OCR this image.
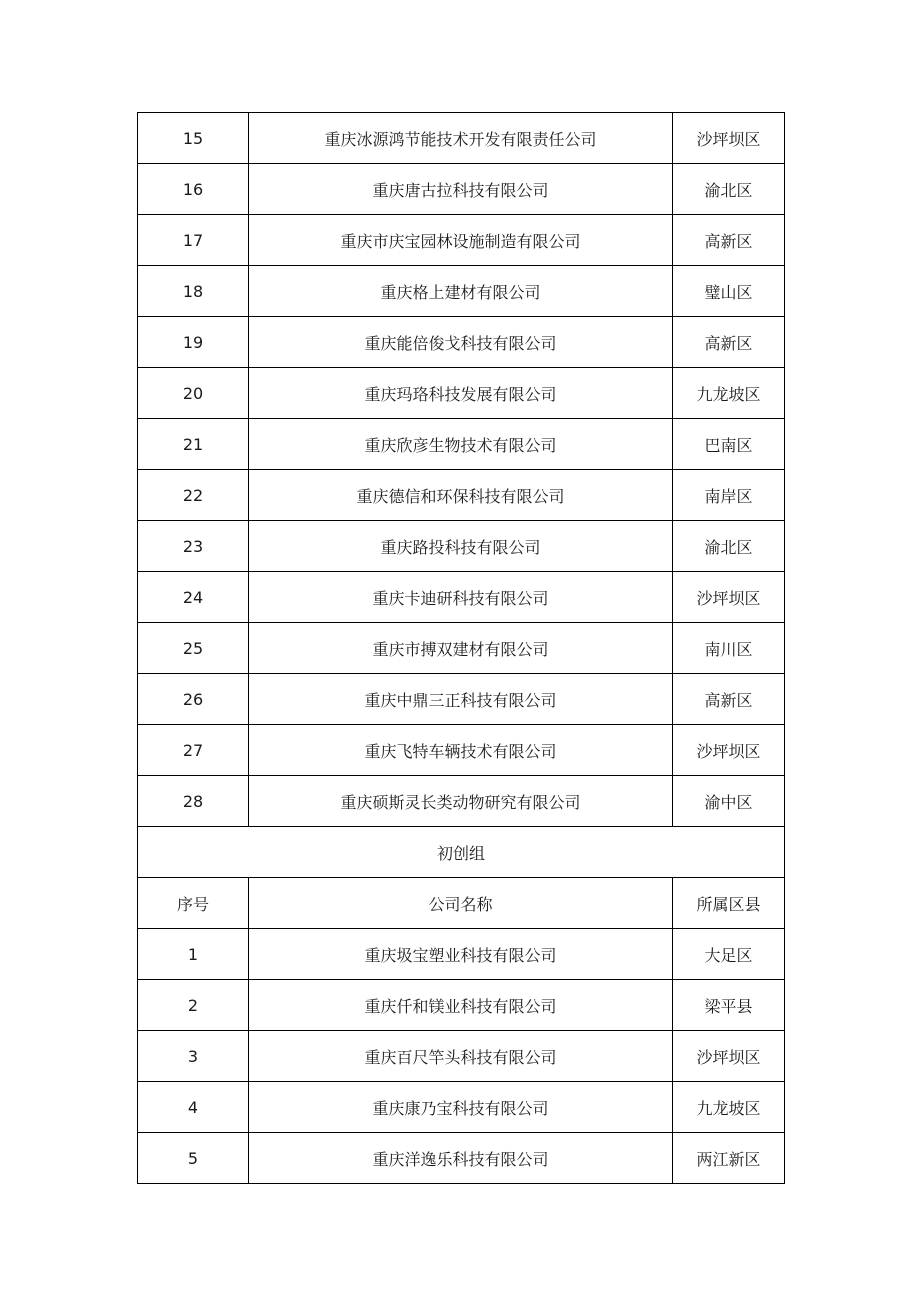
15	重庆冰源鸿节能技术开发有限责任公司	沙坪坝区
16	重庆唐古拉科技有限公司	渝北区
17	重庆市庆宝园林设施制造有限公司	高新区
18	重庆格上建材有限公司	璧山区
19	重庆能倍俊戈科技有限公司	高新区
20	重庆玛珞科技发展有限公司	九龙坡区
21	重庆欣彦生物技术有限公司	巴南区
22	重庆德信和环保科技有限公司	南岸区
23	重庆路投科技有限公司	渝北区
24	重庆卡迪研科技有限公司	沙坪坝区
25	重庆市搏双建材有限公司	南川区
26	重庆中鼎三正科技有限公司	高新区
27	重庆飞特车辆技术有限公司	沙坪坝区
28	重庆硕斯灵长类动物研究有限公司	渝中区
初创组		
序号	公司名称	所属区县
1	重庆圾宝塑业科技有限公司	大足区
2	重庆仟和镁业科技有限公司	梁平县
3	重庆百尺竿头科技有限公司	沙坪坝区
4	重庆康乃宝科技有限公司	九龙坡区
5	重庆洋逸乐科技有限公司	两江新区
